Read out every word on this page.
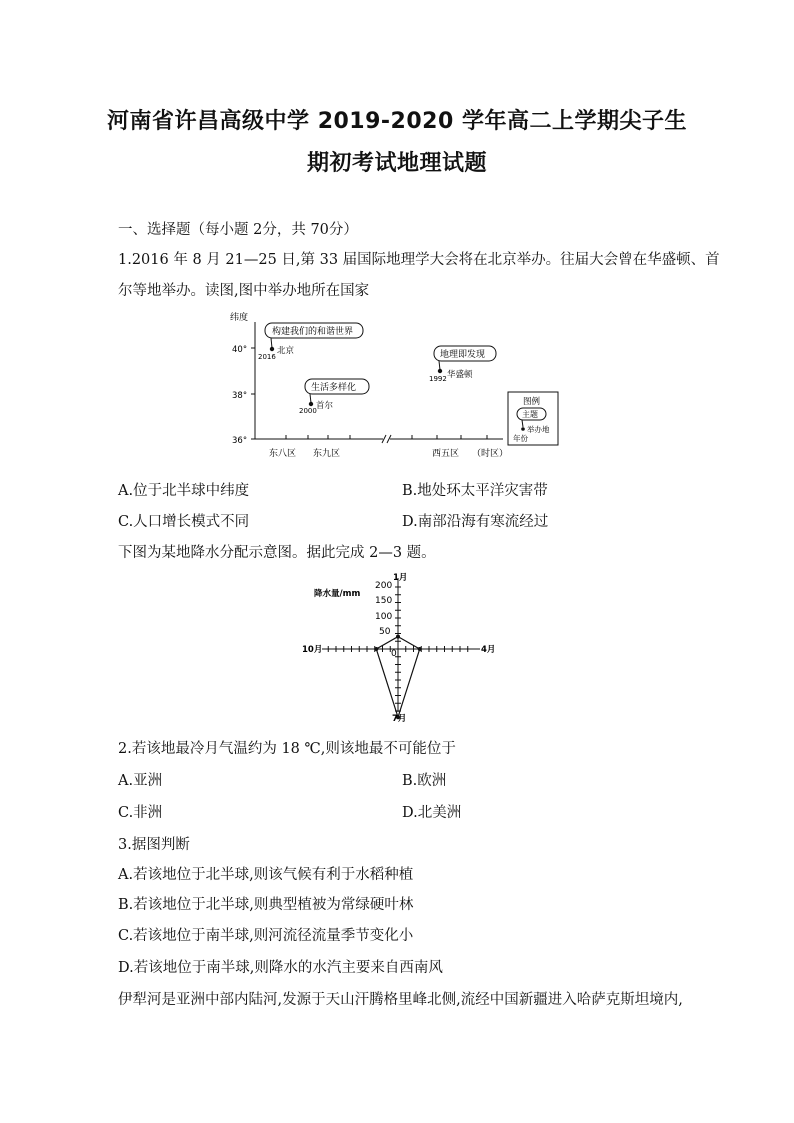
河南省许昌高级中学 2019-2020 学年高二上学期尖子生
期初考试地理试题
一、选择题（每小题 2分，共 70分）
1.2016 年 8 月 21—25 日,第 33 届国际地理学大会将在北京举办。往届大会曾在华盛顿、首
尔等地举办。读图,图中举办地所在国家
纬度
40°
38°
36°
东八区 东九区	西五区 （时区）
构建我们的和谐世界
北京
2016
生活多样化
首尔
2000
地理即发现
华盛顿
1992
图例
主题
举办地
年份
A.位于北半球中纬度	B.地处环太平洋灾害带
C.人口增长模式不同	D.南部沿海有寒流经过
下图为某地降水分配示意图。据此完成 2—3 题。
降水量/mm
200
150
100
50
0
1月
4月
7月
10月
2.若该地最冷月气温约为 18 ℃,则该地最不可能位于
A.亚洲	B.欧洲
C.非洲	D.北美洲
3.据图判断
A.若该地位于北半球,则该气候有利于水稻种植
B.若该地位于北半球,则典型植被为常绿硬叶林
C.若该地位于南半球,则河流径流量季节变化小
D.若该地位于南半球,则降水的水汽主要来自西南风
伊犁河是亚洲中部内陆河,发源于天山汗腾格里峰北侧,流经中国新疆进入哈萨克斯坦境内,
